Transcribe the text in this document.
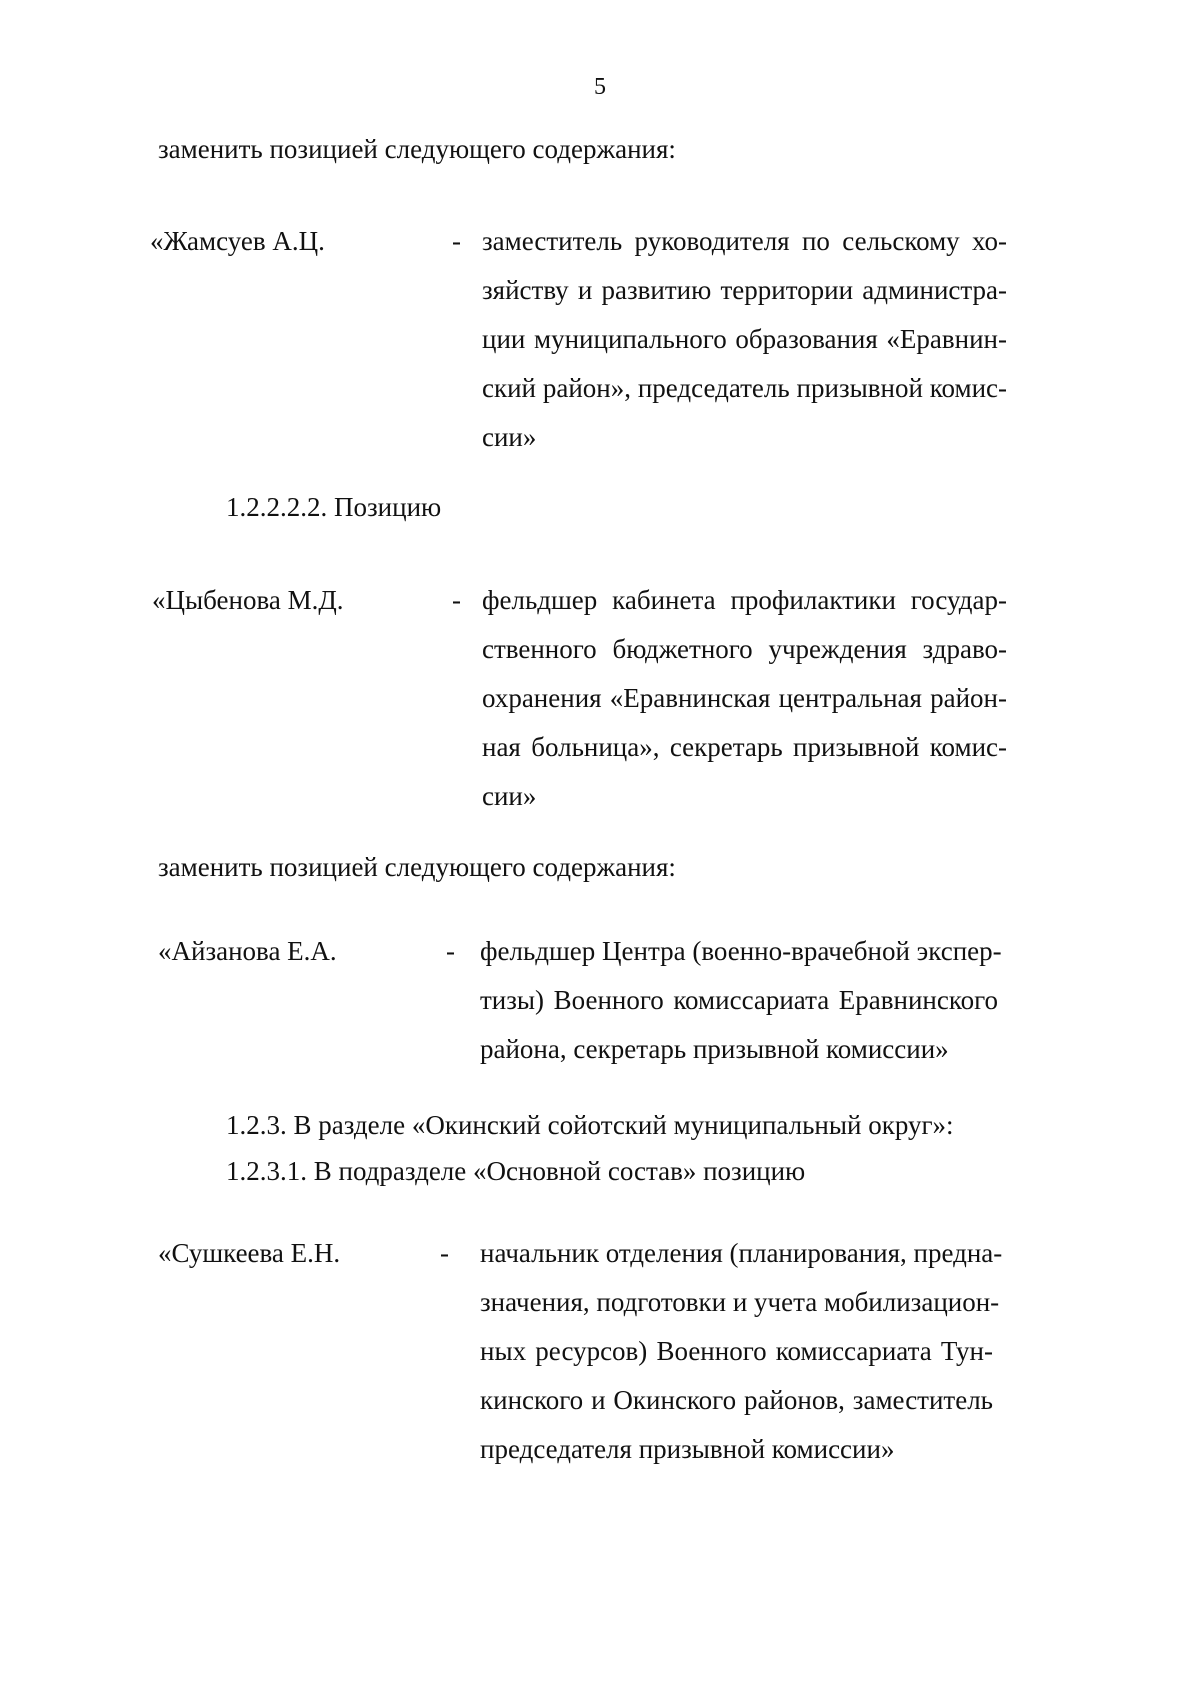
5
заменить позицией следующего содержания:
«Жамсуев А.Ц.	- заместитель руководителя по сельскому хо-
зяйству и развитию территории администра-
ции муниципального образования «Еравнин-
ский район», председатель призывной комис-
сии»
1.2.2.2.2. Позицию
«Цыбенова М.Д.	- фельдшер кабинета профилактики государ-
ственного бюджетного учреждения здраво-
охранения «Еравнинская центральная район-
ная больница», секретарь призывной комис-
сии»
заменить позицией следующего содержания:
«Айзанова Е.А.	- фельдшер Центра (военно-врачебной экспер-
тизы) Военного комиссариата Еравнинского
района, секретарь призывной комиссии»
1.2.3. В разделе «Окинский сойотский муниципальный округ»:
1.2.3.1. В подразделе «Основной состав» позицию
«Сушкеева Е.Н.	- начальник отделения (планирования, предна-
значения, подготовки и учета мобилизацион-
ных ресурсов) Военного комиссариата Тун-
кинского и Окинского районов, заместитель
председателя призывной комиссии»
